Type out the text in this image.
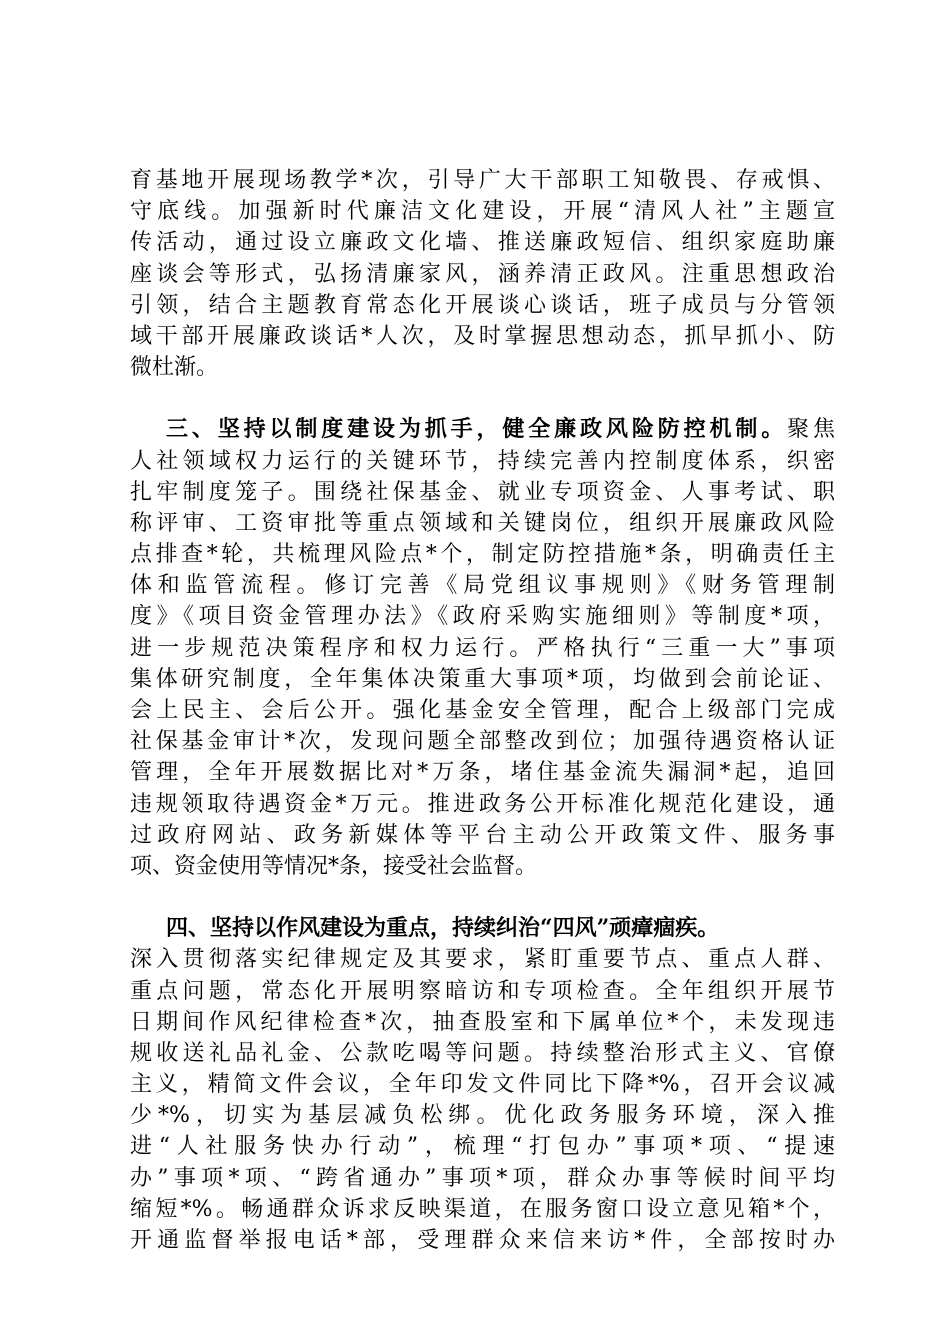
育基地开展现场教学*次，引导广大干部职工知敬畏、存戒惧、
守底线。加强新时代廉洁文化建设，开展“清风人社”主题宣
传活动，通过设立廉政文化墙、推送廉政短信、组织家庭助廉
座谈会等形式，弘扬清廉家风，涵养清正政风。注重思想政治
引领，结合主题教育常态化开展谈心谈话，班子成员与分管领
域干部开展廉政谈话*人次，及时掌握思想动态，抓早抓小、防
微杜渐。
三、坚持以制度建设为抓手，健全廉政风险防控机制。聚焦
人社领域权力运行的关键环节，持续完善内控制度体系，织密
扎牢制度笼子。围绕社保基金、就业专项资金、人事考试、职
称评审、工资审批等重点领域和关键岗位，组织开展廉政风险
点排查*轮，共梳理风险点*个，制定防控措施*条，明确责任主
体和监管流程。修订完善《局党组议事规则》《财务管理制
度》《项目资金管理办法》《政府采购实施细则》等制度*项，
进一步规范决策程序和权力运行。严格执行“三重一大”事项
集体研究制度，全年集体决策重大事项*项，均做到会前论证、
会上民主、会后公开。强化基金安全管理，配合上级部门完成
社保基金审计*次，发现问题全部整改到位；加强待遇资格认证
管理，全年开展数据比对*万条，堵住基金流失漏洞*起，追回
违规领取待遇资金*万元。推进政务公开标准化规范化建设，通
过政府网站、政务新媒体等平台主动公开政策文件、服务事
项、资金使用等情况*条，接受社会监督。
四、坚持以作风建设为重点，持续纠治“四风”顽瘴痼疾。
深入贯彻落实纪律规定及其要求，紧盯重要节点、重点人群、
重点问题，常态化开展明察暗访和专项检查。全年组织开展节
日期间作风纪律检查*次，抽查股室和下属单位*个，未发现违
规收送礼品礼金、公款吃喝等问题。持续整治形式主义、官僚
主义，精简文件会议，全年印发文件同比下降*%，召开会议减
少*%，切实为基层减负松绑。优化政务服务环境，深入推
进“人社服务快办行动”，梳理“打包办”事项*项、“提速
办”事项*项、“跨省通办”事项*项，群众办事等候时间平均
缩短*%。畅通群众诉求反映渠道，在服务窗口设立意见箱*个，
开通监督举报电话*部，受理群众来信来访*件，全部按时办
